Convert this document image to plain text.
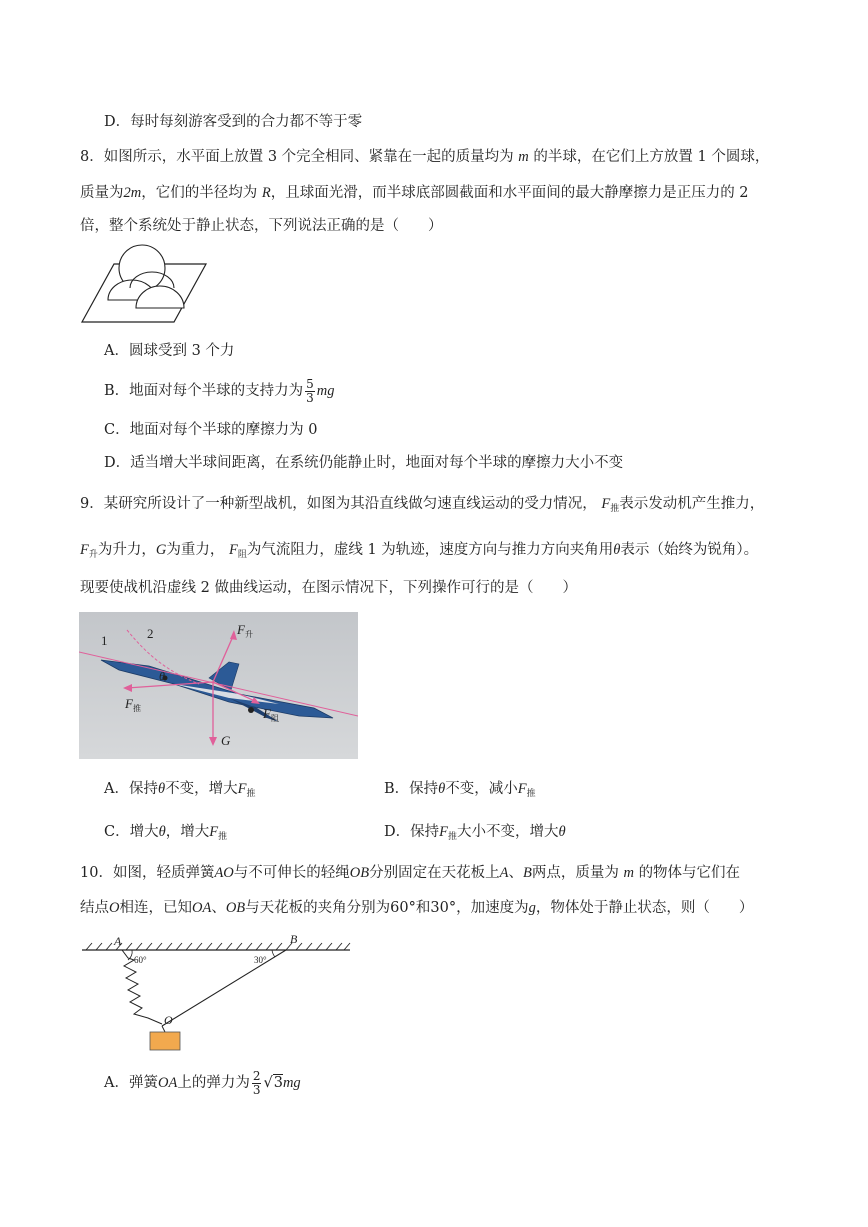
D．每时每刻游客受到的合力都不等于零
8．如图所示，水平面上放置 3 个完全相同、紧靠在一起的质量均为 m 的半球，在它们上方放置 1 个圆球，
质量为2m，它们的半径均为 R，且球面光滑，而半球底部圆截面和水平面间的最大静摩擦力是正压力的 2
倍，整个系统处于静止状态，下列说法正确的是（　　）
A．圆球受到 3 个力
B．地面对每个半球的支持力为 $\frac{5}{3}$ mg
C．地面对每个半球的摩擦力为 0
D．适当增大半球间距离，在系统仍能静止时，地面对每个半球的摩擦力大小不变
9．某研究所设计了一种新型战机，如图为其沿直线做匀速直线运动的受力情况， $F_推$表示发动机产生推力，
$F_升$为升力，G为重力， $F_阻$为气流阻力，虚线 1 为轨迹，速度方向与推力方向夹角用θ表示（始终为锐角）。
现要使战机沿虚线 2 做曲线运动，在图示情况下，下列操作可行的是（　　）
1	2
θ
$F_升$
$F_推$	$F_阻$
G
A．保持θ不变，增大$F_推$	B．保持θ不变，减小$F_推$
C．增大θ，增大$F_推$	D．保持$F_推$大小不变，增大θ
10．如图，轻质弹簧AO与不可伸长的轻绳OB分别固定在天花板上A、B两点，质量为 m 的物体与它们在
结点O相连，已知OA、OB与天花板的夹角分别为60°和30°，加速度为g，物体处于静止状态，则（　　）
A	B
O
60°	30°
A．弹簧OA上的弹力为 $\frac{2}{3} √3mg$
